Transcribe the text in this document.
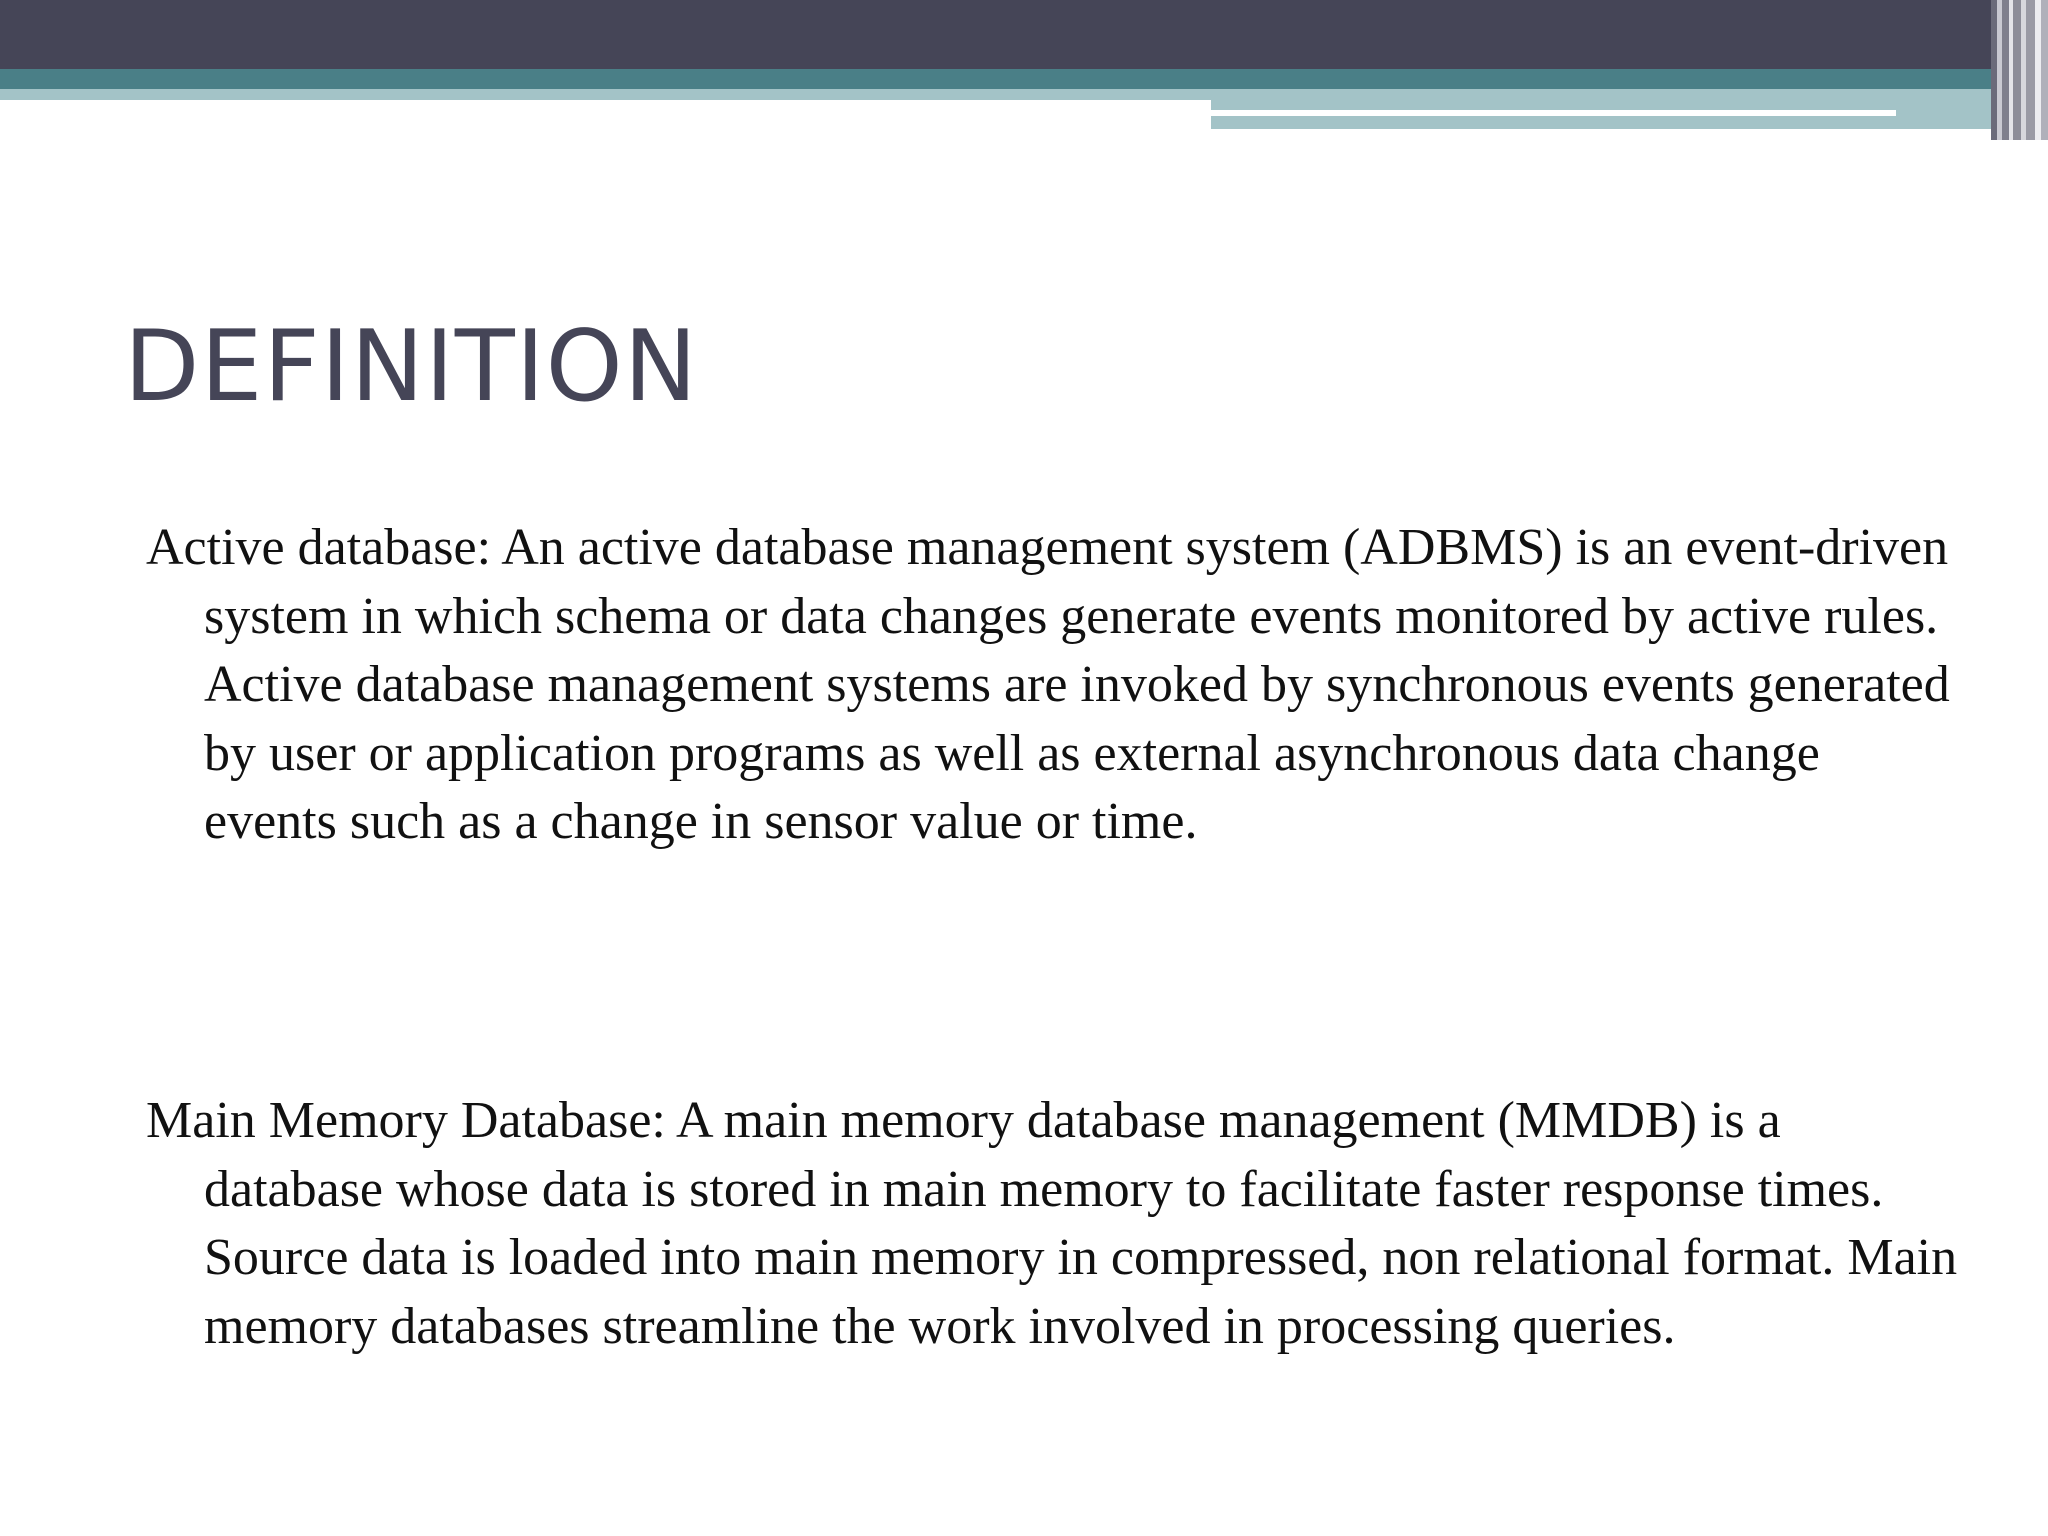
DEFINITION

Active database: An active database management system (ADBMS) is an event-driven system in which schema or data changes generate events monitored by active rules. Active database management systems are invoked by synchronous events generated by user or application programs as well as external asynchronous data change events such as a change in sensor value or time.

Main Memory Database: A main memory database management (MMDB) is a database whose data is stored in main memory to facilitate faster response times. Source data is loaded into main memory in compressed, non relational format. Main memory databases streamline the work involved in processing queries.
